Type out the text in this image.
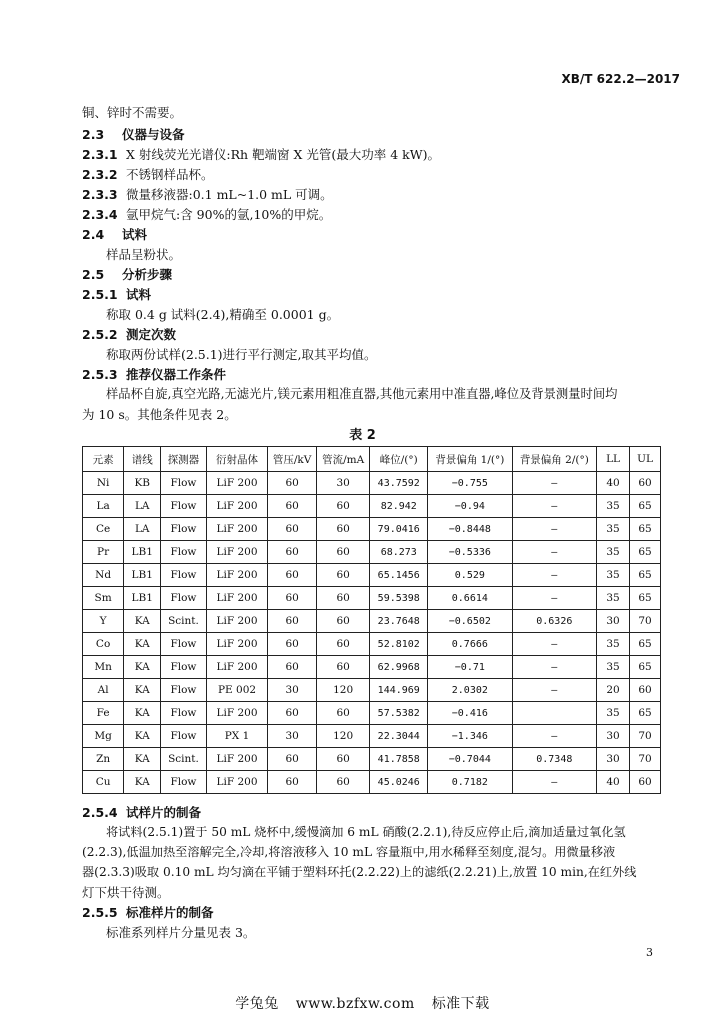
XB/T 622.2—2017
铜、锌时不需要。
2.3 仪器与设备
2.3.1 X 射线荧光光谱仪:Rh 靶端窗 X 光管(最大功率 4 kW)。
2.3.2 不锈钢样品杯。
2.3.3 微量移液器:0.1 mL~1.0 mL 可调。
2.3.4 氩甲烷气:含 90%的氩,10%的甲烷。
2.4 试料
样品呈粉状。
2.5 分析步骤
2.5.1 试料
称取 0.4 g 试料(2.4),精确至 0.0001 g。
2.5.2 测定次数
称取两份试样(2.5.1)进行平行测定,取其平均值。
2.5.3 推荐仪器工作条件
样品杯自旋,真空光路,无滤光片,镁元素用粗准直器,其他元素用中准直器,峰位及背景测量时间均
为 10 s。其他条件见表 2。
表 2
元素	谱线	探测器	衍射晶体	管压/kV	管流/mA	峰位/(°)	背景偏角 1/(°)	背景偏角 2/(°)	LL	UL
Ni	KB	Flow	LiF 200	60	30	43.7592	−0.755	—	40	60
La	LA	Flow	LiF 200	60	60	82.942	−0.94	—	35	65
Ce	LA	Flow	LiF 200	60	60	79.0416	−0.8448	—	35	65
Pr	LB1	Flow	LiF 200	60	60	68.273	−0.5336	—	35	65
Nd	LB1	Flow	LiF 200	60	60	65.1456	0.529	—	35	65
Sm	LB1	Flow	LiF 200	60	60	59.5398	0.6614	—	35	65
Y	KA	Scint.	LiF 200	60	60	23.7648	−0.6502	0.6326	30	70
Co	KA	Flow	LiF 200	60	60	52.8102	0.7666	—	35	65
Mn	KA	Flow	LiF 200	60	60	62.9968	−0.71	—	35	65
Al	KA	Flow	PE 002	30	120	144.969	2.0302	—	20	60
Fe	KA	Flow	LiF 200	60	60	57.5382	−0.416		35	65
Mg	KA	Flow	PX 1	30	120	22.3044	−1.346	—	30	70
Zn	KA	Scint.	LiF 200	60	60	41.7858	−0.7044	0.7348	30	70
Cu	KA	Flow	LiF 200	60	60	45.0246	0.7182	—	40	60
2.5.4 试样片的制备
将试料(2.5.1)置于 50 mL 烧杯中,缓慢滴加 6 mL 硝酸(2.2.1),待反应停止后,滴加适量过氧化氢
(2.2.3),低温加热至溶解完全,冷却,将溶液移入 10 mL 容量瓶中,用水稀释至刻度,混匀。用微量移液
器(2.3.3)吸取 0.10 mL 均匀滴在平铺于塑料环托(2.2.22)上的滤纸(2.2.21)上,放置 10 min,在红外线
灯下烘干待测。
2.5.5 标准样片的制备
标准系列样片分量见表 3。
3
学兔兔 www.bzfxw.com 标准下载
